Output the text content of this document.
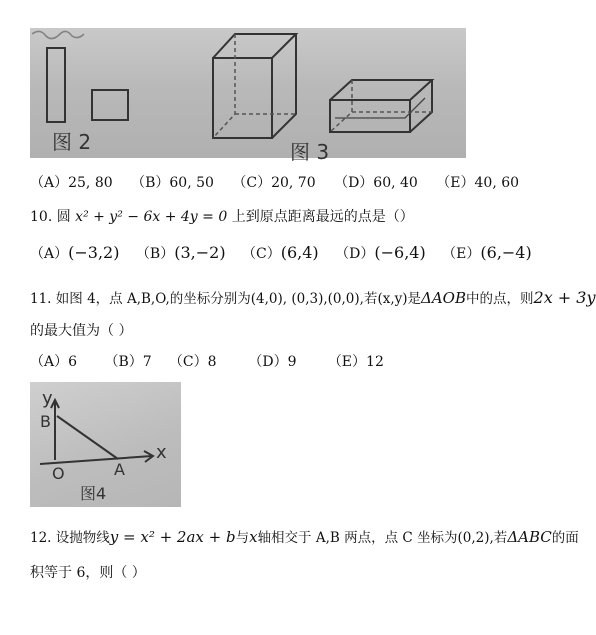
图 2	图 3
（A）25, 80 （B）60, 50 （C）20, 70 （D）60, 40 （E）40, 60
10. 圆 x² + y² − 6x + 4y = 0 上到原点距离最远的点是（）
（A）(−3,2) （B）(3,−2) （C）(6,4) （D）(−6,4) （E）(6,−4)
11. 如图 4，点 A,B,O,的坐标分别为(4,0), (0,3),(0,0),若(x,y)是ΔAOB中的点，则2x + 3y
的最大值为（ ）
（A）6 （B）7 （C）8 （D）9 （E）12
y
B
x
O	A
图4
12. 设抛物线y = x² + 2ax + b与x轴相交于 A,B 两点，点 C 坐标为(0,2),若ΔABC的面
积等于 6，则（ ）
